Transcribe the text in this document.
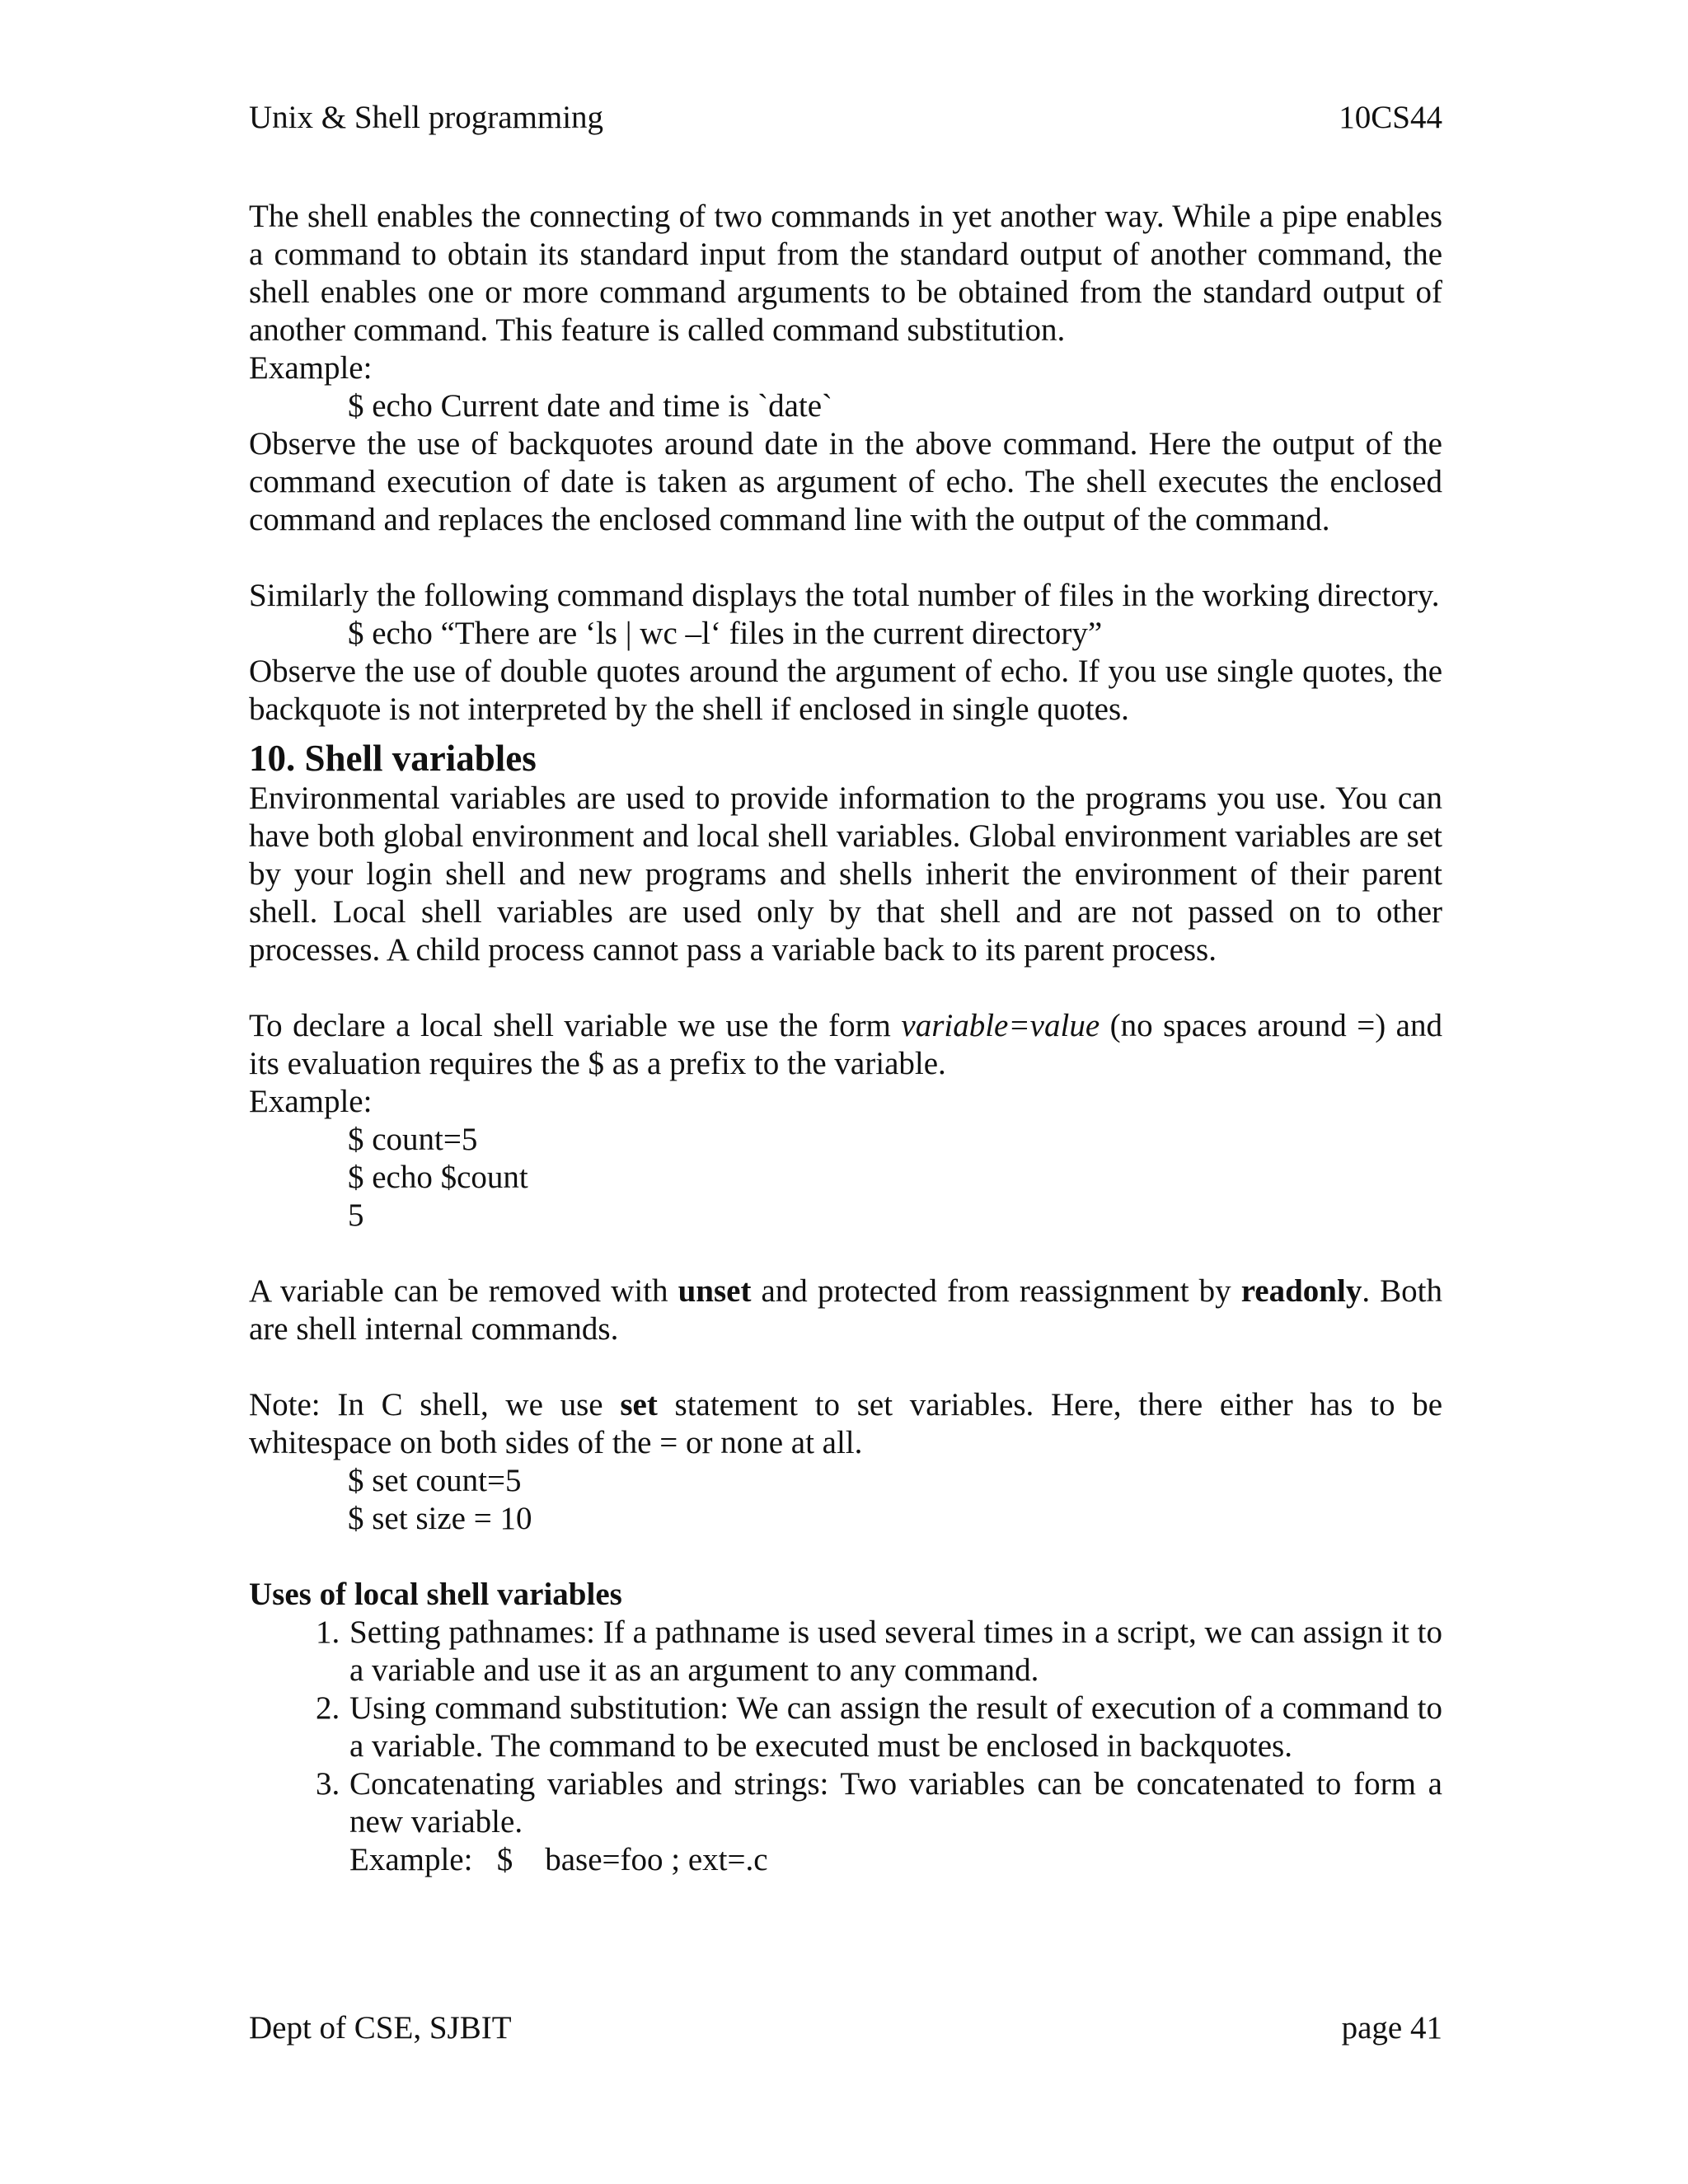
Unix & Shell programming	10CS44

The shell enables the connecting of two commands in yet another way. While a pipe enables a command to obtain its standard input from the standard output of another command, the shell enables one or more command arguments to be obtained from the standard output of another command. This feature is called command substitution.

Example:

$ echo Current date and time is `date`

Observe the use of backquotes around date in the above command. Here the output of the command execution of date is taken as argument of echo. The shell executes the enclosed command and replaces the enclosed command line with the output of the command.

Similarly the following command displays the total number of files in the working directory.

$ echo “There are ‘ls | wc –l‘ files in the current directory”

Observe the use of double quotes around the argument of echo. If you use single quotes, the backquote is not interpreted by the shell if enclosed in single quotes.

10. Shell variables

Environmental variables are used to provide information to the programs you use. You can have both global environment and local shell variables. Global environment variables are set by your login shell and new programs and shells inherit the environment of their parent shell. Local shell variables are used only by that shell and are not passed on to other processes. A child process cannot pass a variable back to its parent process.

To declare a local shell variable we use the form variable=value (no spaces around =) and its evaluation requires the $ as a prefix to the variable.

Example:

$ count=5

$ echo $count

5

A variable can be removed with unset and protected from reassignment by readonly. Both are shell internal commands.

Note: In C shell, we use set statement to set variables. Here, there either has to be whitespace on both sides of the = or none at all.

$ set count=5

$ set size = 10

Uses of local shell variables

1. Setting pathnames: If a pathname is used several times in a script, we can assign it to a variable and use it as an argument to any command.
2. Using command substitution: We can assign the result of execution of a command to a variable. The command to be executed must be enclosed in backquotes.
3. Concatenating variables and strings: Two variables can be concatenated to form a new variable.
Example:
$
base=foo ; ext=.c
Dept of CSE, SJBIT	page 41
